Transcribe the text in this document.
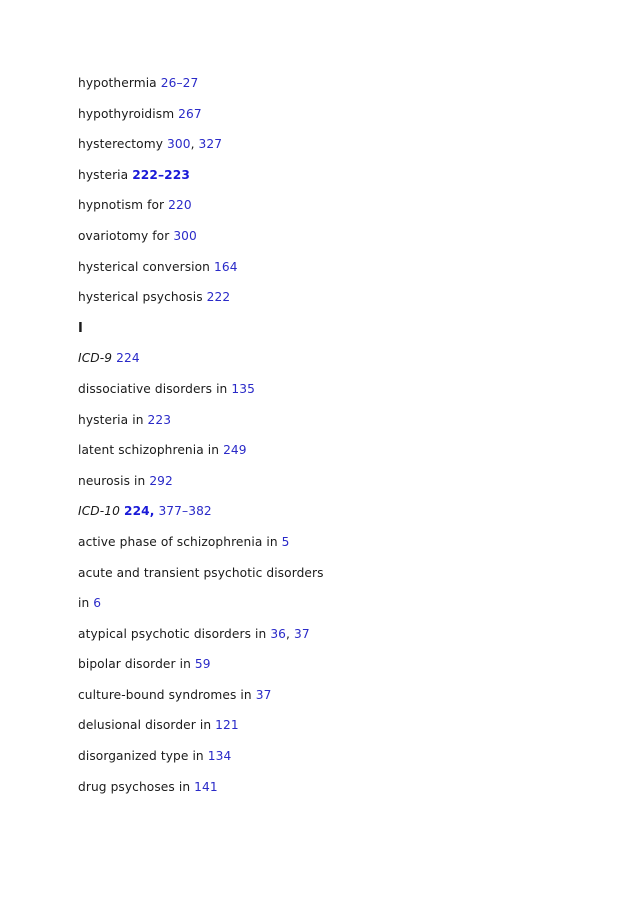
hypothermia 26–27
hypothyroidism 267
hysterectomy 300, 327
hysteria 222–223
hypnotism for 220
ovariotomy for 300
hysterical conversion 164
hysterical psychosis 222
I
ICD-9 224
dissociative disorders in 135
hysteria in 223
latent schizophrenia in 249
neurosis in 292
ICD-10 224, 377–382
active phase of schizophrenia in 5
acute and transient psychotic disorders
in 6
atypical psychotic disorders in 36, 37
bipolar disorder in 59
culture-bound syndromes in 37
delusional disorder in 121
disorganized type in 134
drug psychoses in 141
